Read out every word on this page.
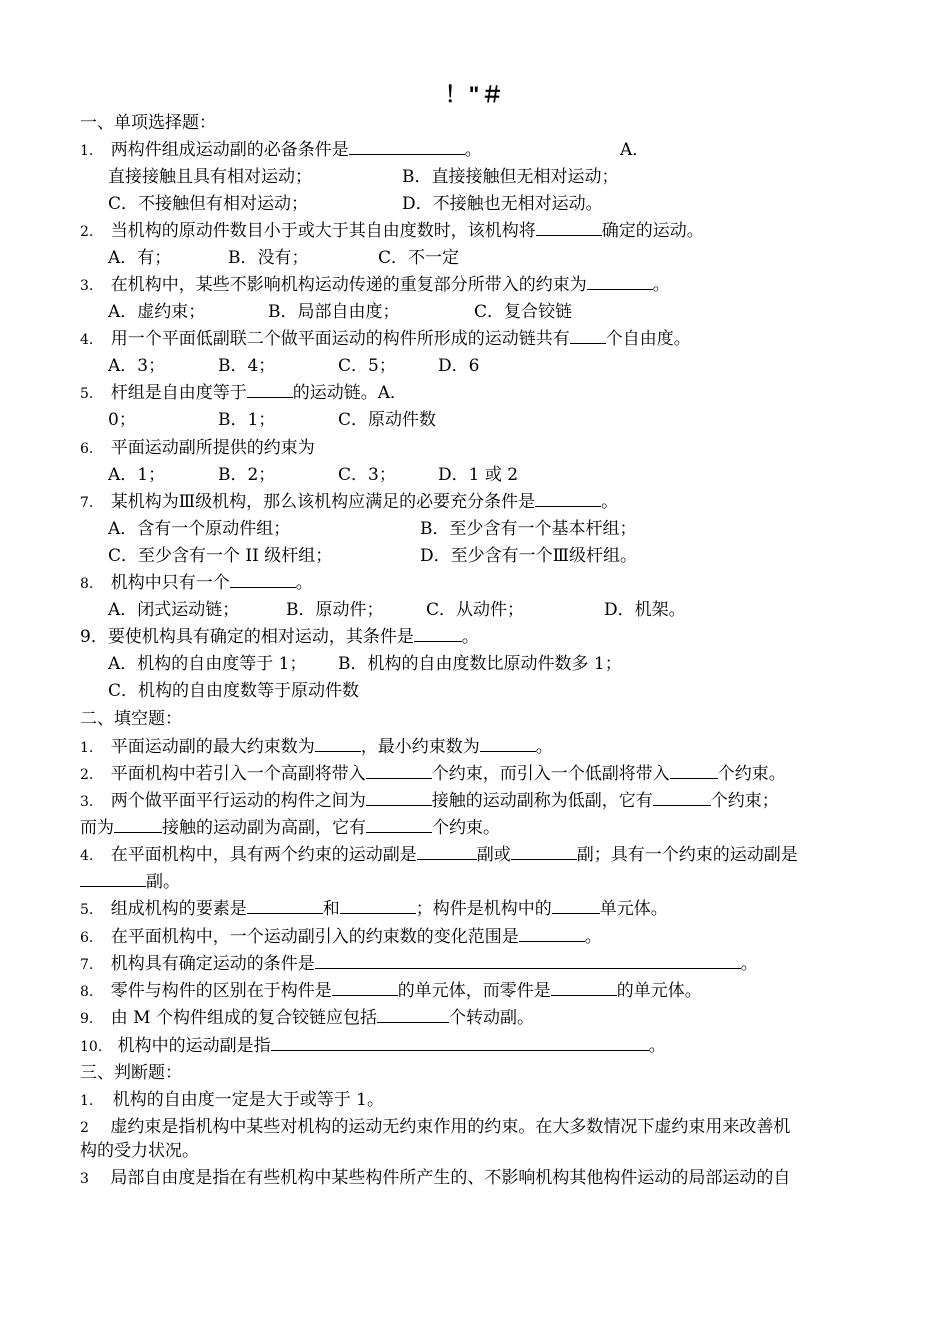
！"＃
一、单项选择题：
1. 两构件组成运动副的必备条件是	。	A．
直接接触且具有相对运动；	B．直接接触但无相对运动；
C．不接触但有相对运动；	D．不接触也无相对运动。
2. 当机构的原动件数目小于或大于其自由度数时，该机构将	确定的运动。
A．有；	B．没有；	C．不一定
3. 在机构中，某些不影响机构运动传递的重复部分所带入的约束为	。
A．虚约束；	B．局部自由度；	C．复合铰链
4. 用一个平面低副联二个做平面运动的构件所形成的运动链共有 个自由度。
A．3；	B．4；	C．5； D．6
5. 杆组是自由度等于	的运动链。A．
0；	B．1；	C．原动件数
6. 平面运动副所提供的约束为
A．1；	B．2；	C．3； D．1 或 2
7. 某机构为Ⅲ级机构，那么该机构应满足的必要充分条件是	。
A．含有一个原动件组；	B．至少含有一个基本杆组；
C．至少含有一个 II 级杆组；	D．至少含有一个Ⅲ级杆组。
8. 机构中只有一个	。
A．闭式运动链；	B．原动件；	C．从动件；	D．机架。
9．要使机构具有确定的相对运动，其条件是	。
A．机构的自由度等于 1； B．机构的自由度数比原动件数多 1；
C．机构的自由度数等于原动件数
二、填空题：
1. 平面运动副的最大约束数为	，最小约束数为	。
2. 平面机构中若引入一个高副将带入	个约束，而引入一个低副将带入	个约束。
3. 两个做平面平行运动的构件之间为	接触的运动副称为低副，它有	个约束；
而为	接触的运动副为高副，它有	个约束。
4. 在平面机构中，具有两个约束的运动副是	副或	副；具有一个约束的运动副是
副。
5. 组成机构的要素是	和	；构件是机构中的	单元体。
6. 在平面机构中，一个运动副引入的约束数的变化范围是	。
7. 机构具有确定运动的条件是	。
8. 零件与构件的区别在于构件是	的单元体，而零件是	的单元体。
9. 由 M 个构件组成的复合铰链应包括	个转动副。
10. 机构中的运动副是指	。
三、判断题：
1. 机构的自由度一定是大于或等于 1。
2 虚约束是指机构中某些对机构的运动无约束作用的约束。在大多数情况下虚约束用来改善机
构的受力状况。
3 局部自由度是指在有些机构中某些构件所产生的、不影响机构其他构件运动的局部运动的自
